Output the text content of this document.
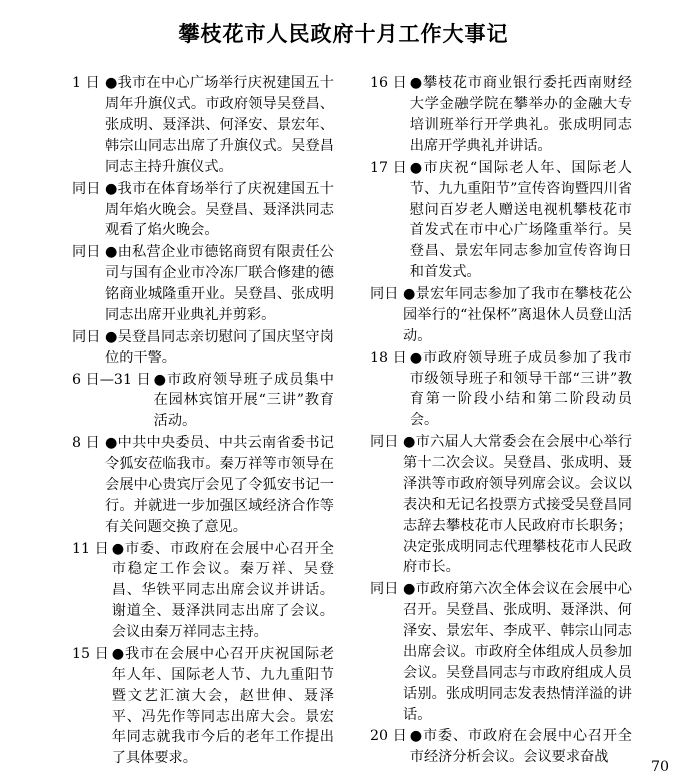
攀枝花市人民政府十月工作大事记
1 日 ●我市在中心广场举行庆祝建国五十周年升旗仪式。市政府领导吴登昌、张成明、聂泽洪、何泽安、景宏年、韩宗山同志出席了升旗仪式。吴登昌同志主持升旗仪式。
同日 ●我市在体育场举行了庆祝建国五十周年焰火晚会。吴登昌、聂泽洪同志观看了焰火晚会。
同日 ●由私营企业市德铭商贸有限责任公司与国有企业市冷冻厂联合修建的德铭商业城隆重开业。吴登昌、张成明同志出席开业典礼并剪彩。
同日 ●吴登昌同志亲切慰问了国庆坚守岗位的干警。
6 日—31 日 ●市政府领导班子成员集中在园林宾馆开展“三讲”教育活动。
8 日 ●中共中央委员、中共云南省委书记令狐安莅临我市。秦万祥等市领导在会展中心贵宾厅会见了令狐安书记一行。并就进一步加强区域经济合作等有关问题交换了意见。
11 日 ●市委、市政府在会展中心召开全市稳定工作会议。秦万祥、吴登昌、华铁平同志出席会议并讲话。谢道全、聂泽洪同志出席了会议。会议由秦万祥同志主持。
15 日 ●我市在会展中心召开庆祝国际老年人年、国际老人节、九九重阳节暨文艺汇演大会，赵世伸、聂泽平、冯先作等同志出席大会。景宏年同志就我市今后的老年工作提出了具体要求。
16 日 ●攀枝花市商业银行委托西南财经大学金融学院在攀举办的金融大专培训班举行开学典礼。张成明同志出席开学典礼并讲话。
17 日 ●市庆祝“国际老人年、国际老人节、九九重阳节”宣传咨询暨四川省慰问百岁老人赠送电视机攀枝花市首发式在市中心广场隆重举行。吴登昌、景宏年同志参加宣传咨询日和首发式。
同日 ●景宏年同志参加了我市在攀枝花公园举行的“社保杯”离退休人员登山活动。
18 日 ●市政府领导班子成员参加了我市市级领导班子和领导干部“三讲”教育第一阶段小结和第二阶段动员会。
同日 ●市六届人大常委会在会展中心举行第十二次会议。吴登昌、张成明、聂泽洪等市政府领导列席会议。会议以表决和无记名投票方式接受吴登昌同志辞去攀枝花市人民政府市长职务；决定张成明同志代理攀枝花市人民政府市长。
同日 ●市政府第六次全体会议在会展中心召开。吴登昌、张成明、聂泽洪、何泽安、景宏年、李成平、韩宗山同志出席会议。市政府全体组成人员参加会议。吴登昌同志与市政府组成人员话别。张成明同志发表热情洋溢的讲话。
20 日 ●市委、市政府在会展中心召开全市经济分析会议。会议要求奋战
70
